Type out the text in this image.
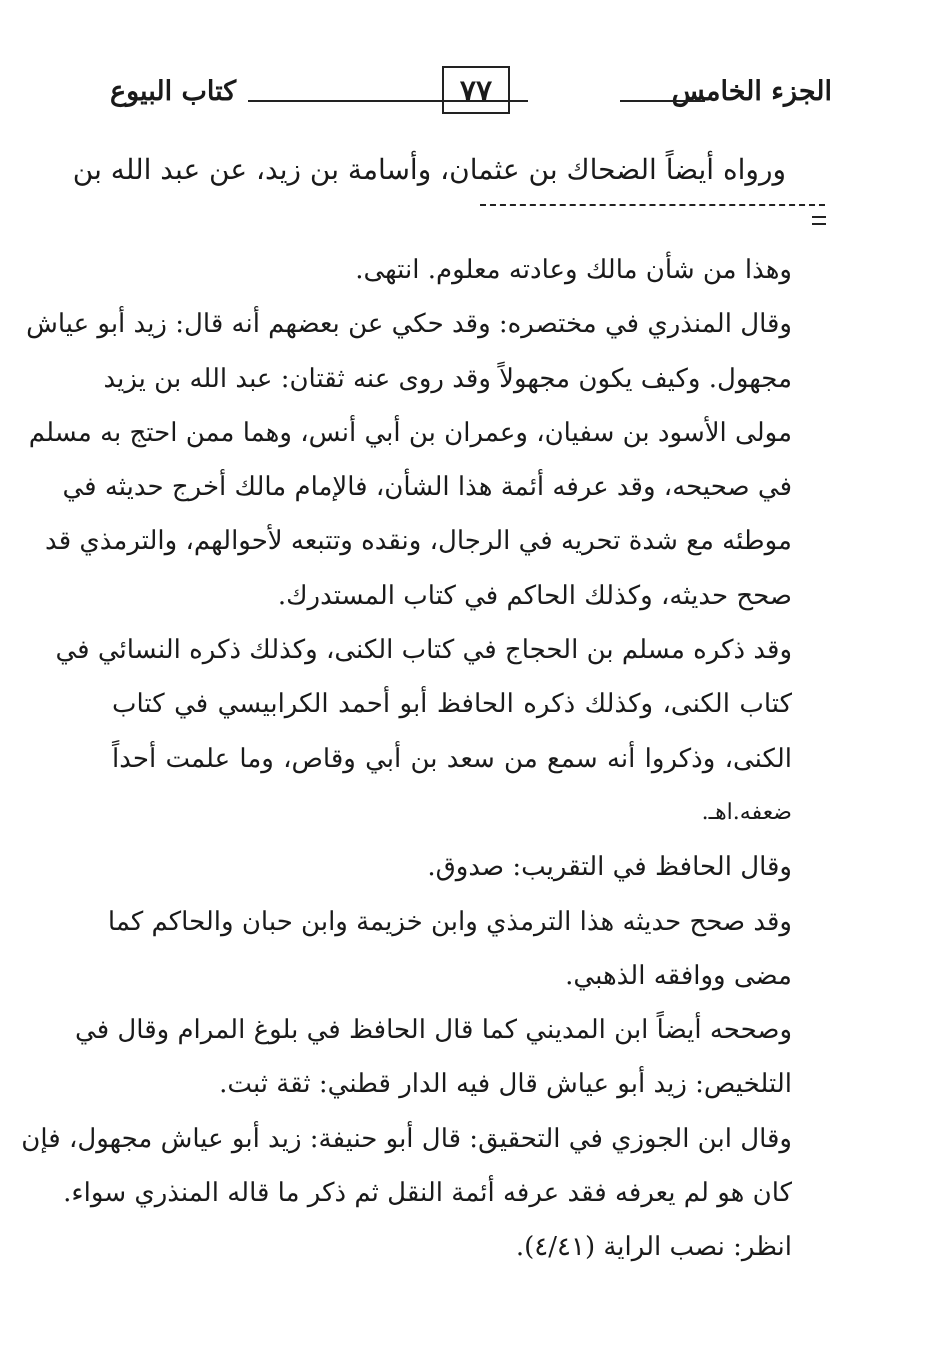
الجزء الخامس
٧٧
كتاب البيوع
ورواه أيضاً الضحاك بن عثمان، وأسامة بن زيد، عن عبد الله بن
وهذا من شأن مالك وعادته معلوم. انتهى.
وقال المنذري في مختصره: وقد حكي عن بعضهم أنه قال: زيد أبو عياش
مجهول. وكيف يكون مجهولاً وقد روى عنه ثقتان: عبد الله بن يزيد
مولى الأسود بن سفيان، وعمران بن أبي أنس، وهما ممن احتج به مسلم
في صحيحه، وقد عرفه أئمة هذا الشأن، فالإمام مالك أخرج حديثه في
موطئه مع شدة تحريه في الرجال، ونقده وتتبعه لأحوالهم، والترمذي قد
صحح حديثه، وكذلك الحاكم في كتاب المستدرك.
وقد ذكره مسلم بن الحجاج في كتاب الكنى، وكذلك ذكره النسائي في
كتاب الكنى، وكذلك ذكره الحافظ أبو أحمد الكرابيسي في كتاب
الكنى، وذكروا أنه سمع من سعد بن أبي وقاص، وما علمت أحداً
ضعفه.اهـ.
وقال الحافظ في التقريب: صدوق.
وقد صحح حديثه هذا الترمذي وابن خزيمة وابن حبان والحاكم كما
مضى ووافقه الذهبي.
وصححه أيضاً ابن المديني كما قال الحافظ في بلوغ المرام وقال في
التلخيص: زيد أبو عياش قال فيه الدار قطني: ثقة ثبت.
وقال ابن الجوزي في التحقيق: قال أبو حنيفة: زيد أبو عياش مجهول، فإن
كان هو لم يعرفه فقد عرفه أئمة النقل ثم ذكر ما قاله المنذري سواء.
انظر: نصب الراية (٤/٤١).
